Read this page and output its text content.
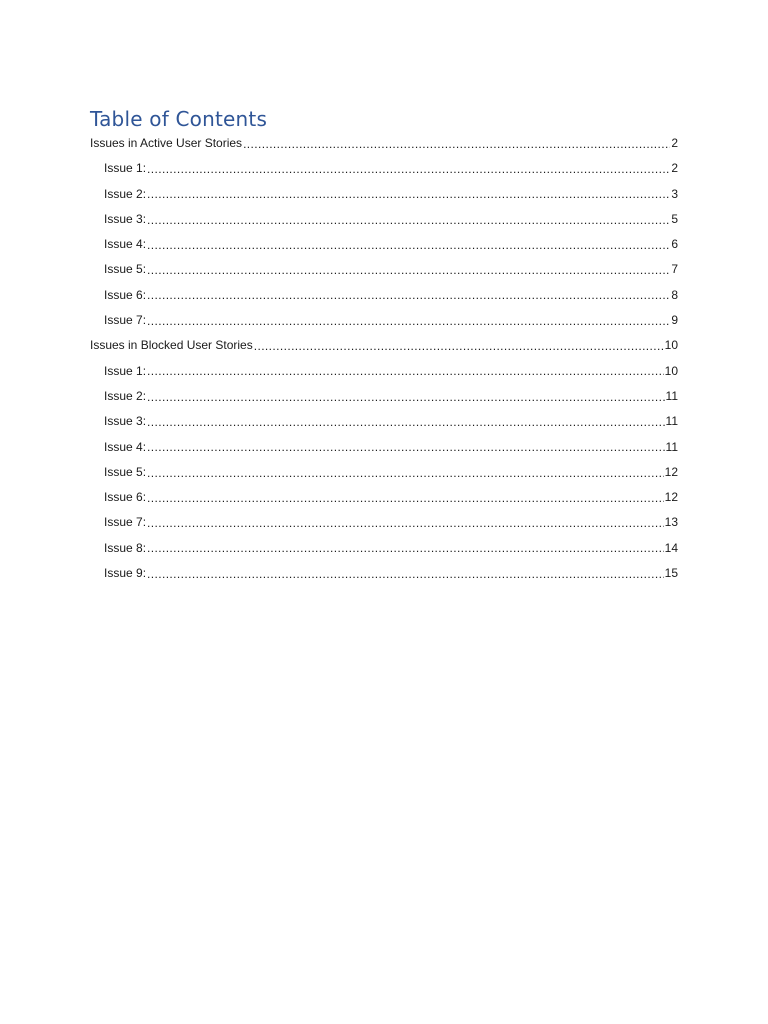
Table of Contents
Issues in Active User Stories .....	2
Issue 1: .....	2
Issue 2: .....	3
Issue 3: .....	5
Issue 4: .....	6
Issue 5: .....	7
Issue 6: .....	8
Issue 7: .....	9
Issues in Blocked User Stories .....	10
Issue 1: .....	10
Issue 2: .....	11
Issue 3: .....	11
Issue 4: .....	11
Issue 5: .....	12
Issue 6: .....	12
Issue 7: .....	13
Issue 8: .....	14
Issue 9: .....	15
